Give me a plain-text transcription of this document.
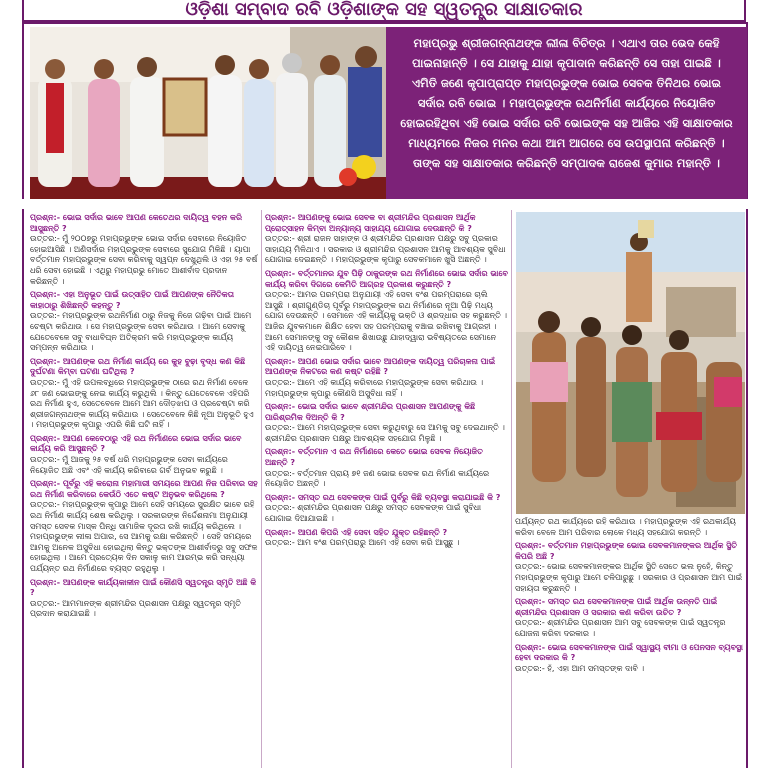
ଓଡ଼ିଶା ସମ୍ବାଦ ରବି ଓଡ଼ିଶାଙ୍କ ସହ ସ୍ୱତନ୍ତ୍ର ସାକ୍ଷାତକାର
ମହାପ୍ରଭୁ ଶ୍ରୀଜଗନ୍ନାଥଙ୍କ ଲୀଳା ବିଚିତ୍ର । ଏଥାଏ ତାର ଭେଦ କେହି ପାଇନାହାନ୍ତି । ସେ ଯାହାକୁ ଯାହା କୃପାଦାନ କରିଛନ୍ତି ସେ ତାହା ପାଇଛି । ଏମିତି ଜଣେ କୃପାପ୍ରାପ୍ତ ମହାପ୍ରଭୁଙ୍କ ଭୋଇ ସେବକ ତିନିଥର ଭୋଇ ସର୍ଦାର ରବି ଭୋଇ । ମହାପ୍ରଭୁଙ୍କ ରଥନିର୍ମାଣ କାର୍ଯ୍ୟରେ ନିୟୋଜିତ ହୋଇରହିଥିବା ଏହି ଭୋଇ ସର୍ଦାର ରବି ଭୋଇଙ୍କ ସହ ଆଜିର ଏହି ସାକ୍ଷାତକାର ମାଧ୍ୟମରେ ନିଜର ମନର କଥା ଆମ ଆଗରେ ସେ ଉପସ୍ଥାପନା କରିଛନ୍ତି । ତାଙ୍କ ସହ ସାକ୍ଷାତକାର କରିଛନ୍ତି ସମ୍ପାଦକ ରାଜେଶ କୁମାର ମହାନ୍ତି ।
ପ୍ରଶ୍ନ:- ଭୋଇ ସର୍ଦାର ଭାବେ ଆପଣ କେତେଥର ଦାୟିତ୍ୱ ବହନ କରି ଆସୁଛନ୍ତି ?
ଉତ୍ତର:- ମୁଁ ୨୦୦୭ରୁ ମହାପ୍ରଭୁଙ୍କ ଭୋଇ ସର୍ଦାର ସେବାରେ ନିୟୋଜିତ ହୋଇଆସିଛି । ଅଣିସର୍ଦାର ମହାପ୍ରଭୁଙ୍କ ସେବାରେ ସୁଯୋଗ ମିଳିଛି । ୟାପା ବର୍ତ୍ତମାନ ମହାପ୍ରଭୁଙ୍କ ସେବା କରିବାକୁ ସ୍ୱପ୍ନ ଦେଖୁଥିଲି ଓ ଏହା ୨୫ ବର୍ଷ ଧରି ସେବା ହୋଇଛି । ଏଥିରୁ ମହାପ୍ରଭୁ ମୋତେ ଆଶୀର୍ବାଦ ପ୍ରଦାନ କରିଛନ୍ତି ।
ପ୍ରଶ୍ନ:- ଏହା ଅନୁଭୂତ ପାଇଁ ଉତ୍ସାହିତ ପାଇଁ ଆପଣଙ୍କ ନୈତିକତା କାହାଠାରୁ ଶିଖିଛନ୍ତି କହନ୍ତୁ ?
ଉତ୍ତର:- ମହାପ୍ରଭୁଙ୍କ ରଥନିର୍ମାଣ ଠାରୁ ନିଜକୁ ନିଜେ ଗଢ଼ିବା ପାଇଁ ଆମେ ଚେଷ୍ଟା କରିଥାଉ । ସେ ମହାପ୍ରଭୁଙ୍କ ସେବା କରିଥାଉ । ଆମେ ସେବାକୁ ଯେତେବେଳେ ସବୁ ବାଧାବିଘ୍ନ ଅତିକ୍ରମ କରି ମହାପ୍ରଭୁଙ୍କ କାର୍ଯ୍ୟ ସମ୍ପନ୍ନ କରିଥାଉ ।
ପ୍ରଶ୍ନ:- ଆପଣଙ୍କ ରଥ ନିର୍ମାଣ କାର୍ଯ୍ୟ ରେ କୁହ ବୁଢ଼ା ବୃଦ୍ଧ କଣ କିଛି ଦୁର୍ଘଟଣା କିମ୍ବା ଘଟଣା ଘଟିଥିଲା ?
ଉତ୍ତର:- ମୁଁ ଏହି ଉପଲବ୍ଧିରେ ମହାପ୍ରଭୁଙ୍କ ଠାରେ ରଥ ନିର୍ମାଣ ବେଳେ ୬୮ ଜଣ ଭୋଇଙ୍କୁ ନେଇ କାର୍ଯ୍ୟ କରୁଥିଲି । କିନ୍ତୁ ଯେତେବେଳେ ଏହିପରି ରଥ ନିର୍ମାଣ ହୁଏ, ସେତେବେଳେ ଆମେ ଆମ ଦୌଡ଼ଝାପ ଓ ପ୍ରଚେଷ୍ଟା କରି ଶ୍ରୀଜଗନ୍ନାଥଙ୍କ କାର୍ଯ୍ୟ କରିଥାଉ । ସେତେବେଳେ କିଛି ନୂଆ ଅନୁଭୂତି ହୁଏ । ମହାପ୍ରଭୁଙ୍କ କୃପାରୁ ଏପରି କିଛି ଘଟି ନାହିଁ ।
ପ୍ରଶ୍ନ:- ଆପଣ କେବେଠାରୁ ଏହି ରଥ ନିର୍ମାଣରେ ଭୋଇ ସର୍ଦାର ଭାବେ କାର୍ଯ୍ୟ କରି ଆସୁଛନ୍ତି ?
ଉତ୍ତର:- ମୁଁ ଆଜକୁ ୨୫ ବର୍ଷ ଧରି ମହାପ୍ରଭୁଙ୍କ ସେବା କାର୍ଯ୍ୟରେ ନିୟୋଜିତ ଅଛି ଏବଂ ଏହି କାର୍ଯ୍ୟ କରିବାରେ ଗର୍ବ ଅନୁଭବ କରୁଛି ।
ପ୍ରଶ୍ନ:- ପୂର୍ବରୁ ଏହି କରୋନା ମହାମାରୀ ସମୟରେ ଆପଣ ନିଜ ପରିବାର ସହ ରଥ ନିର୍ମାଣ କରିବାରେ କେଉଁଠି ଏତେ କଷ୍ଟ ଅନୁଭବ କରିଥିଲେ ?
ଉତ୍ତର:- ମହାପ୍ରଭୁଙ୍କ କୃପାରୁ ଆମେ ସେହି ସମୟରେ ସୁରକ୍ଷିତ ଭାବେ ରହି ରଥ ନିର୍ମାଣ କାର୍ଯ୍ୟ ଶେଷ କରିଥିଲୁ । ସରକାରଙ୍କ ନିର୍ଦ୍ଦେଶନାମା ଅନୁଯାୟୀ ସମସ୍ତ ସେବକ ମାସ୍କ ପିନ୍ଧି ସାମାଜିକ ଦୂରତା ରଖି କାର୍ଯ୍ୟ କରିଥିଲେ । ମହାପ୍ରଭୁଙ୍କ ଲୀଳା ଅପାର, ସେ ଆମକୁ ରକ୍ଷା କରିଛନ୍ତି । ସେହି ସମୟରେ ଆମକୁ ଅନେକ ଅସୁବିଧା ହୋଇଥିଲା କିନ୍ତୁ ଭକ୍ତଙ୍କ ଆଶୀର୍ବାଦରୁ ସବୁ ସଫଳ ହୋଇଥିଲା । ଆମେ ପ୍ରତ୍ୟେକ ଦିନ ସକାଳୁ କାମ ଆରମ୍ଭ କରି ସନ୍ଧ୍ୟା ପର୍ଯ୍ୟନ୍ତ ରଥ ନିର୍ମାଣରେ ବ୍ୟସ୍ତ ରହୁଥିଲୁ ।
ପ୍ରଶ୍ନ:- ଆପଣଙ୍କ କାର୍ଯ୍ୟକାଳୀନ ପାଇଁ କୌଣସି ସ୍ୱତନ୍ତ୍ର ସ୍ମୃତି ଅଛି କି ?
ଉତ୍ତର:- ଆମମାନଙ୍କ ଶ୍ରୀମନ୍ଦିର ପ୍ରଶାସନ ପକ୍ଷରୁ ସ୍ୱତନ୍ତ୍ର ସ୍ମୃତି ପ୍ରଦାନ କରାଯାଇଛି ।
ପ୍ରଶ୍ନ:- ଆପଣଙ୍କୁ ଭୋଇ ସେବକ ବା ଶ୍ରୀମନ୍ଦିର ପ୍ରଶାସନ ଆର୍ଥିକ ପ୍ରୋତ୍ସାହନ କିମ୍ବା ଅନ୍ୟାନ୍ୟ ସାହାଯ୍ୟ ଯୋଗାଇ ଦେଉଛନ୍ତି କି ?
ଉତ୍ତର:- ଶ୍ରୀ ରାଜନ ସାହାଙ୍କ ଓ ଶ୍ରୀମନ୍ଦିର ପ୍ରଶାସନ ପକ୍ଷରୁ ସବୁ ପ୍ରକାର ସାହାଯ୍ୟ ମିଳିଥାଏ । ସରକାର ଓ ଶ୍ରୀମନ୍ଦିର ପ୍ରଶାସନ ଆମକୁ ଆବଶ୍ୟକ ସୁବିଧା ଯୋଗାଇ ଦେଇଛନ୍ତି । ମହାପ୍ରଭୁଙ୍କ କୃପାରୁ ସେବକମାନେ ଖୁସି ଅଛନ୍ତି ।
ପ୍ରଶ୍ନ:- ବର୍ତ୍ତମାନର ଯୁବ ପିଢ଼ି ଠାକୁରଙ୍କ ରଥ ନିର୍ମାଣରେ ଭୋଇ ସର୍ଦାର ଭାବେ କାର୍ଯ୍ୟ କରିବା ଦିଗରେ କେମିତି ଆଗ୍ରହ ପ୍ରକାଶ କରୁଛନ୍ତି ?
ଉତ୍ତର:- ଆମର ପରମ୍ପରା ଅନୁଯାୟୀ ଏହି ସେବା ବଂଶ ପରମ୍ପରାରେ ଚାଲି ଆସୁଛି । ଶ୍ରୀଗୁଣ୍ଡିଚା ପୂର୍ବରୁ ମହାପ୍ରଭୁଙ୍କ ରଥ ନିର୍ମାଣରେ ନୂଆ ପିଢ଼ି ମଧ୍ୟ ଯୋଗ ଦେଉଛନ୍ତି । ସେମାନେ ଏହି କାର୍ଯ୍ୟକୁ ଭକ୍ତି ଓ ଶ୍ରଦ୍ଧାର ସହ କରୁଛନ୍ତି । ଆଜିର ଯୁବକମାନେ ଶିକ୍ଷିତ ହେବା ସହ ପରମ୍ପରାକୁ ବଞ୍ଚାଇ ରଖିବାକୁ ଆଗ୍ରହୀ । ଆମେ ସେମାନଙ୍କୁ ସବୁ କୌଶଳ ଶିଖାଉଛୁ ଯାହାଦ୍ୱାରା ଭବିଷ୍ୟତରେ ସେମାନେ ଏହି ଦାୟିତ୍ୱ ନେଇପାରିବେ ।
ପ୍ରଶ୍ନ:- ଆପଣ ଭୋଇ ସର୍ଦାର ଭାବେ ଆପଣଙ୍କ ଦାୟିତ୍ୱ ପରିଚାଳନା ପାଇଁ ଆପଣଙ୍କ ନିକଟରେ କଣ କଷ୍ଟ ରହିଛି ?
ଉତ୍ତର:- ଆମେ ଏହି କାର୍ଯ୍ୟ କରିବାରେ ମହାପ୍ରଭୁଙ୍କ ସେବା କରିଥାଉ । ମହାପ୍ରଭୁଙ୍କ କୃପାରୁ କୌଣସି ଅସୁବିଧା ନାହିଁ ।
ପ୍ରଶ୍ନ:- ଭୋଇ ସର୍ଦାର ଭାବେ ଶ୍ରୀମନ୍ଦିର ପ୍ରଶାସନ ଆପଣଙ୍କୁ କିଛି ପାରିଶ୍ରମିକ ଦିଅନ୍ତି କି ?
ଉତ୍ତର:- ଆମେ ମହାପ୍ରଭୁଙ୍କ ସେବା କରୁଥିବାରୁ ସେ ଆମକୁ ସବୁ ଦେଇଥାନ୍ତି । ଶ୍ରୀମନ୍ଦିର ପ୍ରଶାସନ ପକ୍ଷରୁ ଆବଶ୍ୟକ ସହଯୋଗ ମିଳୁଛି ।
ପ୍ରଶ୍ନ:- ବର୍ତ୍ତମାନ ଏ ରଥ ନିର୍ମାଣରେ କେତେ ଭୋଇ ସେବକ ନିୟୋଜିତ ଅଛନ୍ତି ?
ଉତ୍ତର:- ବର୍ତ୍ତମାନ ପ୍ରାୟ ୭୧ ଜଣ ଭୋଇ ସେବକ ରଥ ନିର୍ମାଣ କାର୍ଯ୍ୟରେ ନିୟୋଜିତ ଅଛନ୍ତି ।
ପ୍ରଶ୍ନ:- ସମସ୍ତ ରଥ ସେବକଙ୍କ ପାଇଁ ପୁର୍ବରୁ କିଛି ବ୍ୟବସ୍ଥା କରାଯାଇଛି କି ?
ଉତ୍ତର:- ଶ୍ରୀମନ୍ଦିର ପ୍ରଶାସନ ପକ୍ଷରୁ ସମସ୍ତ ସେବକଙ୍କ ପାଇଁ ସୁବିଧା ଯୋଗାଇ ଦିଆଯାଇଛି ।
ପ୍ରଶ୍ନ:- ଆପଣ କିପରି ଏହି ସେବା ସହିତ ଯୁକ୍ତ ରହିଛନ୍ତି ?
ଉତ୍ତର:- ଆମ ବଂଶ ପରମ୍ପରାରୁ ଆମେ ଏହି ସେବା କରି ଆସୁଛୁ ।
ପର୍ଯ୍ୟନ୍ତ ରଥ କାର୍ଯ୍ୟରେ ରହି କରିଥାଉ । ମହାପ୍ରଭୁଙ୍କ ଏହି ରଥକାର୍ଯ୍ୟ କରିବା ବେଳେ ଆମ ପରିବାର ଲୋକେ ମଧ୍ୟ ସହଯୋଗ କରନ୍ତି ।
ପ୍ରଶ୍ନ:- ବର୍ତ୍ତମାନ ମହାପ୍ରଭୁଙ୍କ ଭୋଇ ସେବକମାନଙ୍କର ଆର୍ଥିକ ସ୍ଥିତି କିପରି ଅଛି ?
ଉତ୍ତର:- ଭୋଇ ସେବକମାନଙ୍କର ଆର୍ଥିକ ସ୍ଥିତି ସେତେ ଭଲ ନୁହେଁ, କିନ୍ତୁ ମହାପ୍ରଭୁଙ୍କ କୃପାରୁ ଆମେ ଚଳିପାରୁଛୁ । ସରକାର ଓ ପ୍ରଶାସନ ଆମ ପାଇଁ ସହାୟତା କରୁଛନ୍ତି ।
ପ୍ରଶ୍ନ:- ସମସ୍ତ ରଥ ସେବକମାନଙ୍କ ପାଇଁ ଆର୍ଥିକ ଉନ୍ନତି ପାଇଁ ଶ୍ରୀମନ୍ଦିର ପ୍ରଶାସନ ଓ ସରକାର କଣ କରିବା ଉଚିତ ?
ଉତ୍ତର:- ଶ୍ରୀମନ୍ଦିର ପ୍ରଶାସନ ଆମ ସବୁ ସେବକଙ୍କ ପାଇଁ ସ୍ୱତନ୍ତ୍ର ଯୋଜନା କରିବା ଦରକାର ।
ପ୍ରଶ୍ନ:- ଭୋଇ ସେବକମାନଙ୍କ ପାଇଁ ସ୍ୱାସ୍ଥ୍ୟ ବୀମା ଓ ପେନସନ ବ୍ୟବସ୍ଥା ହେବା ଦରକାର କି ?
ଉତ୍ତର:- ହଁ, ଏହା ଆମ ସମସ୍ତଙ୍କ ଦାବି ।
